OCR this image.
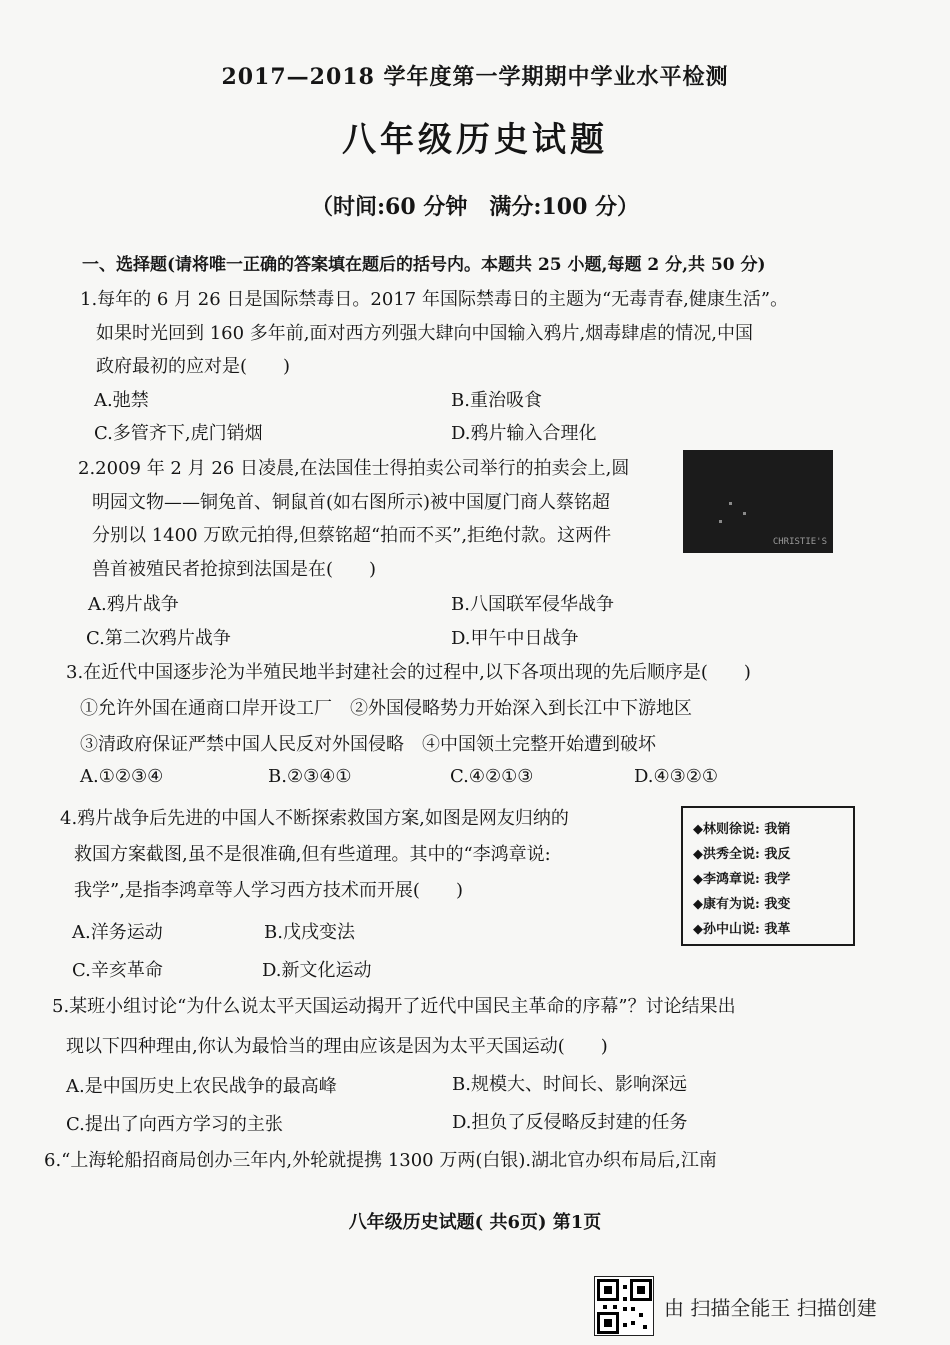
2017—2018 学年度第一学期期中学业水平检测
八年级历史试题
（时间:60 分钟　满分:100 分）
一、选择题(请将唯一正确的答案填在题后的括号内。本题共 25 小题,每题 2 分,共 50 分)
1.每年的 6 月 26 日是国际禁毒日。2017 年国际禁毒日的主题为“无毒青春,健康生活”。
如果时光回到 160 多年前,面对西方列强大肆向中国输入鸦片,烟毒肆虐的情况,中国
政府最初的应对是(　　)
A.弛禁	B.重治吸食
C.多管齐下,虎门销烟	D.鸦片输入合理化
2.2009 年 2 月 26 日凌晨,在法国佳士得拍卖公司举行的拍卖会上,圆
明园文物——铜兔首、铜鼠首(如右图所示)被中国厦门商人蔡铭超
分别以 1400 万欧元拍得,但蔡铭超“拍而不买”,拒绝付款。这两件
兽首被殖民者抢掠到法国是在(　　)
CHRISTIE'S
A.鸦片战争	B.八国联军侵华战争
C.第二次鸦片战争	D.甲午中日战争
3.在近代中国逐步沦为半殖民地半封建社会的过程中,以下各项出现的先后顺序是(　　)
①允许外国在通商口岸开设工厂　②外国侵略势力开始深入到长江中下游地区
③清政府保证严禁中国人民反对外国侵略　④中国领土完整开始遭到破坏
A.①②③④	B.②③④①	C.④②①③	D.④③②①
4.鸦片战争后先进的中国人不断探索救国方案,如图是网友归纳的
救国方案截图,虽不是很准确,但有些道理。其中的“李鸿章说:
我学”,是指李鸿章等人学习西方技术而开展(　　)
◆林则徐说: 我销
◆洪秀全说: 我反
◆李鸿章说: 我学
◆康有为说: 我变
◆孙中山说: 我革
A.洋务运动	B.戊戌变法
C.辛亥革命	D.新文化运动
5.某班小组讨论“为什么说太平天国运动揭开了近代中国民主革命的序幕”？讨论结果出
现以下四种理由,你认为最恰当的理由应该是因为太平天国运动(　　)
A.是中国历史上农民战争的最高峰	B.规模大、时间长、影响深远
C.提出了向西方学习的主张	D.担负了反侵略反封建的任务
6.“上海轮船招商局创办三年内,外轮就提携 1300 万两(白银).湖北官办织布局后,江南
八年级历史试题( 共6页) 第1页
由 扫描全能王 扫描创建
